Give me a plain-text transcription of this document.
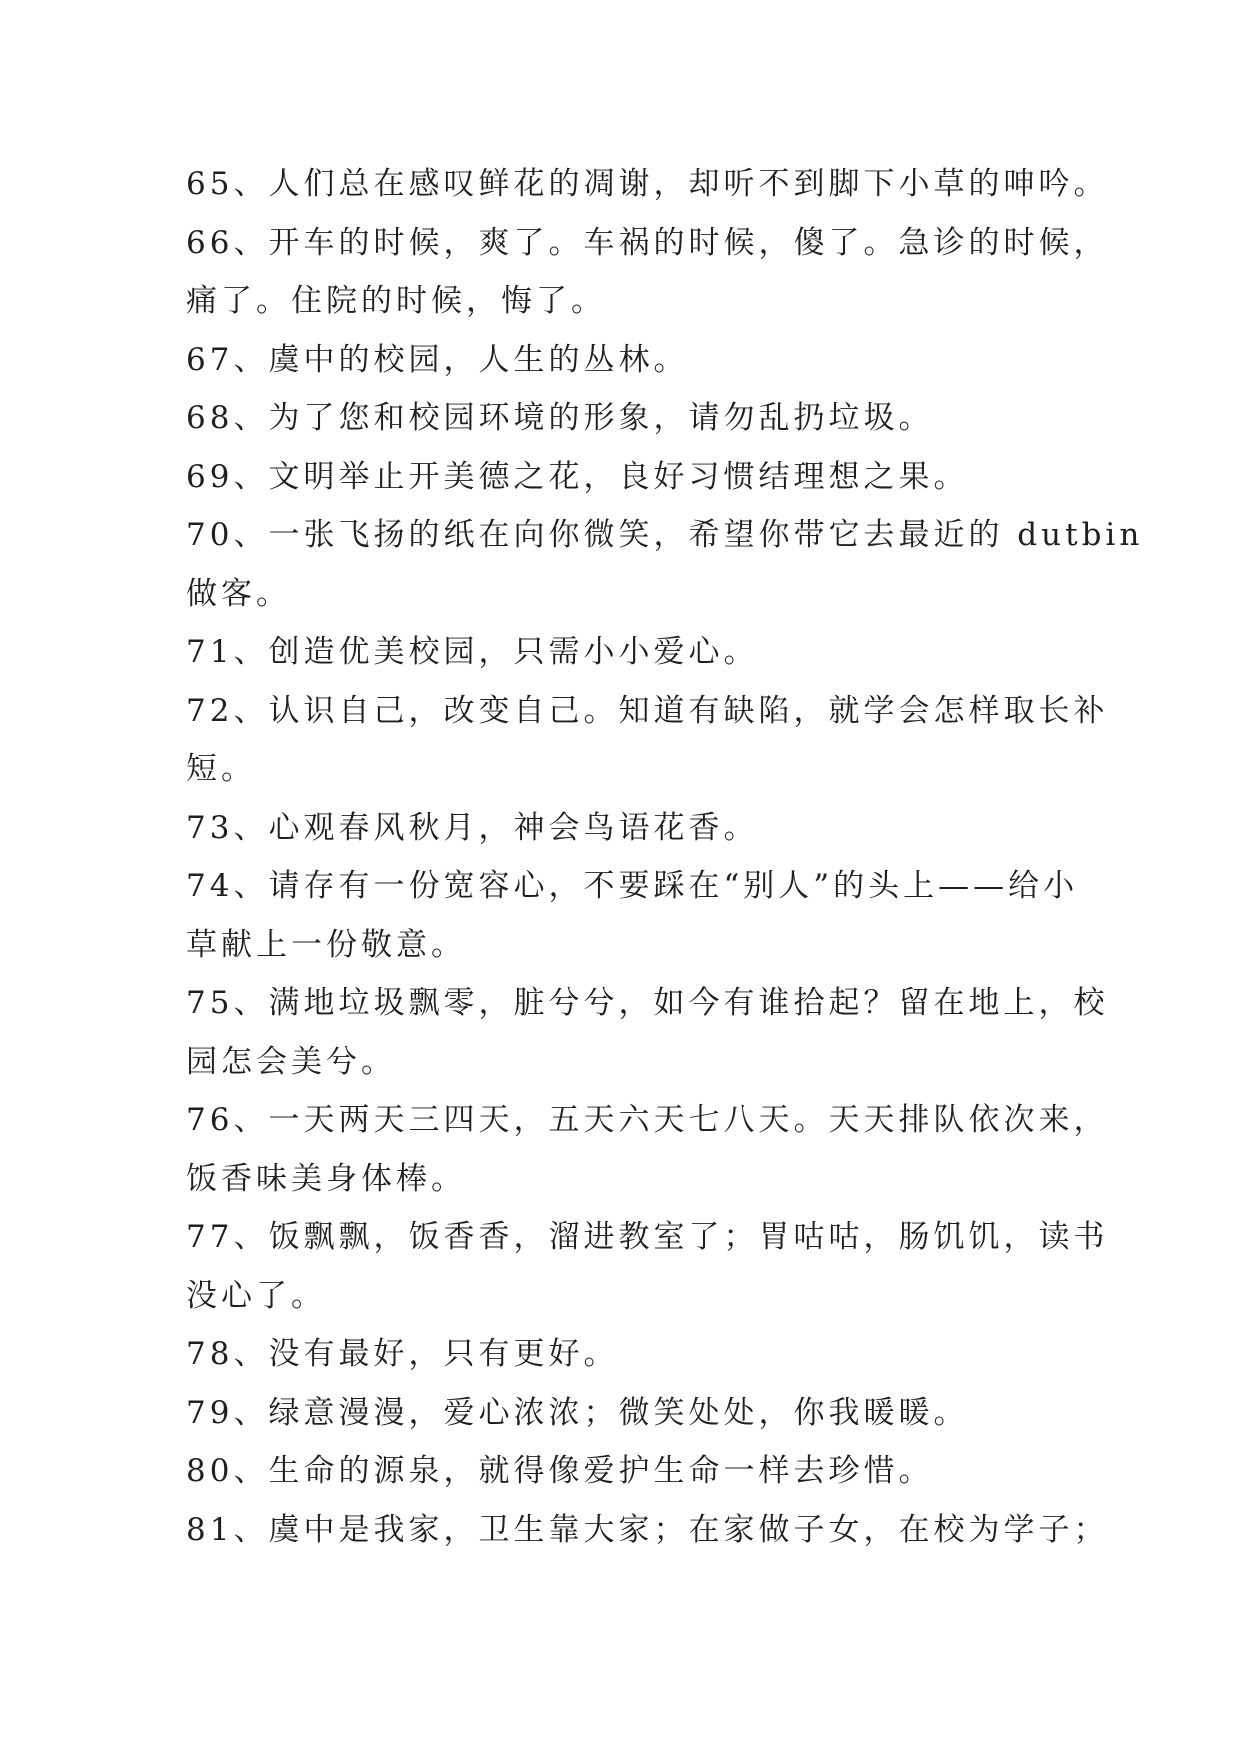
65、人们总在感叹鲜花的凋谢，却听不到脚下小草的呻吟。
66、开车的时候，爽了。车祸的时候，傻了。急诊的时候，
痛了。住院的时候，悔了。
67、虞中的校园，人生的丛林。
68、为了您和校园环境的形象，请勿乱扔垃圾。
69、文明举止开美德之花，良好习惯结理想之果。
70、一张飞扬的纸在向你微笑，希望你带它去最近的 dutbin
做客。
71、创造优美校园，只需小小爱心。
72、认识自己，改变自己。知道有缺陷，就学会怎样取长补
短。
73、心观春风秋月，神会鸟语花香。
74、请存有一份宽容心，不要踩在“别人”的头上——给小
草献上一份敬意。
75、满地垃圾飘零，脏兮兮，如今有谁拾起？留在地上，校
园怎会美兮。
76、一天两天三四天，五天六天七八天。天天排队依次来，
饭香味美身体棒。
77、饭飘飘，饭香香，溜进教室了；胃咕咕，肠饥饥，读书
没心了。
78、没有最好，只有更好。
79、绿意漫漫，爱心浓浓；微笑处处，你我暖暖。
80、生命的源泉，就得像爱护生命一样去珍惜。
81、虞中是我家，卫生靠大家；在家做子女，在校为学子；
